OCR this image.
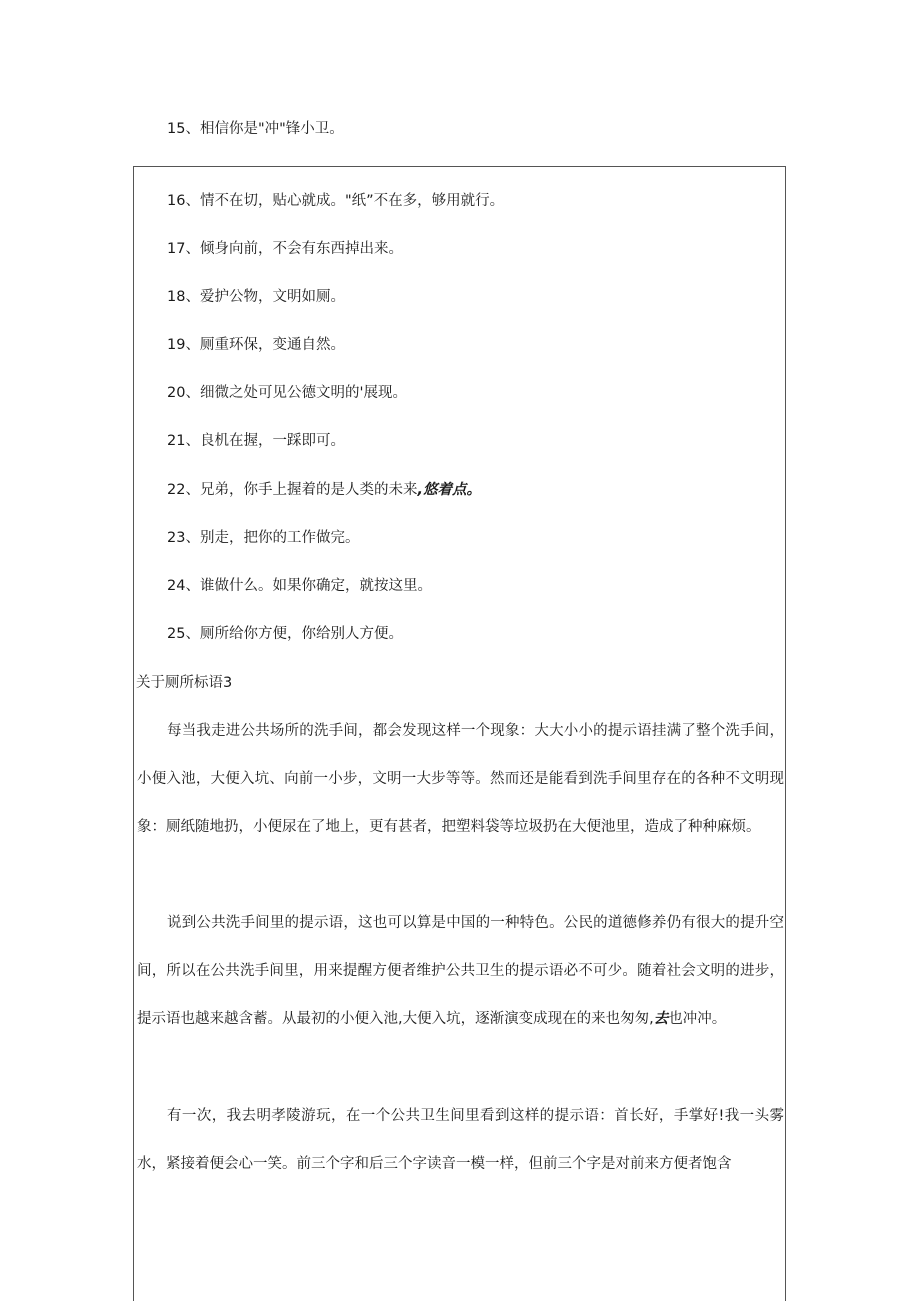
15、相信你是"冲"锋小卫。
16、情不在切，贴心就成。"纸”不在多，够用就行。
17、倾身向前，不会有东西掉出来。
18、爱护公物，文明如厕。
19、厕重环保，变通自然。
20、细微之处可见公德文明的'展现。
21、良机在握，一踩即可。
22、兄弟，你手上握着的是人类的未来,悠着点。
23、别走，把你的工作做完。
24、谁做什么。如果你确定，就按这里。
25、厕所给你方便，你给别人方便。
关于厕所标语3

每当我走进公共场所的洗手间，都会发现这样一个现象：大大小小的提示语挂满了整个洗手间，小便入池，大便入坑、向前一小步，文明一大步等等。然而还是能看到洗手间里存在的各种不文明现象：厕纸随地扔，小便尿在了地上，更有甚者，把塑料袋等垃圾扔在大便池里，造成了种种麻烦。

说到公共洗手间里的提示语，这也可以算是中国的一种特色。公民的道德修养仍有很大的提升空间，所以在公共洗手间里，用来提醒方便者维护公共卫生的提示语必不可少。随着社会文明的进步，提示语也越来越含蓄。从最初的小便入池,大便入坑，逐渐演变成现在的来也匆匆,去也冲冲。

有一次，我去明孝陵游玩，在一个公共卫生间里看到这样的提示语：首长好，手掌好!我一头雾水，紧接着便会心一笑。前三个字和后三个字读音一模一样，但前三个字是对前来方便者饱含
